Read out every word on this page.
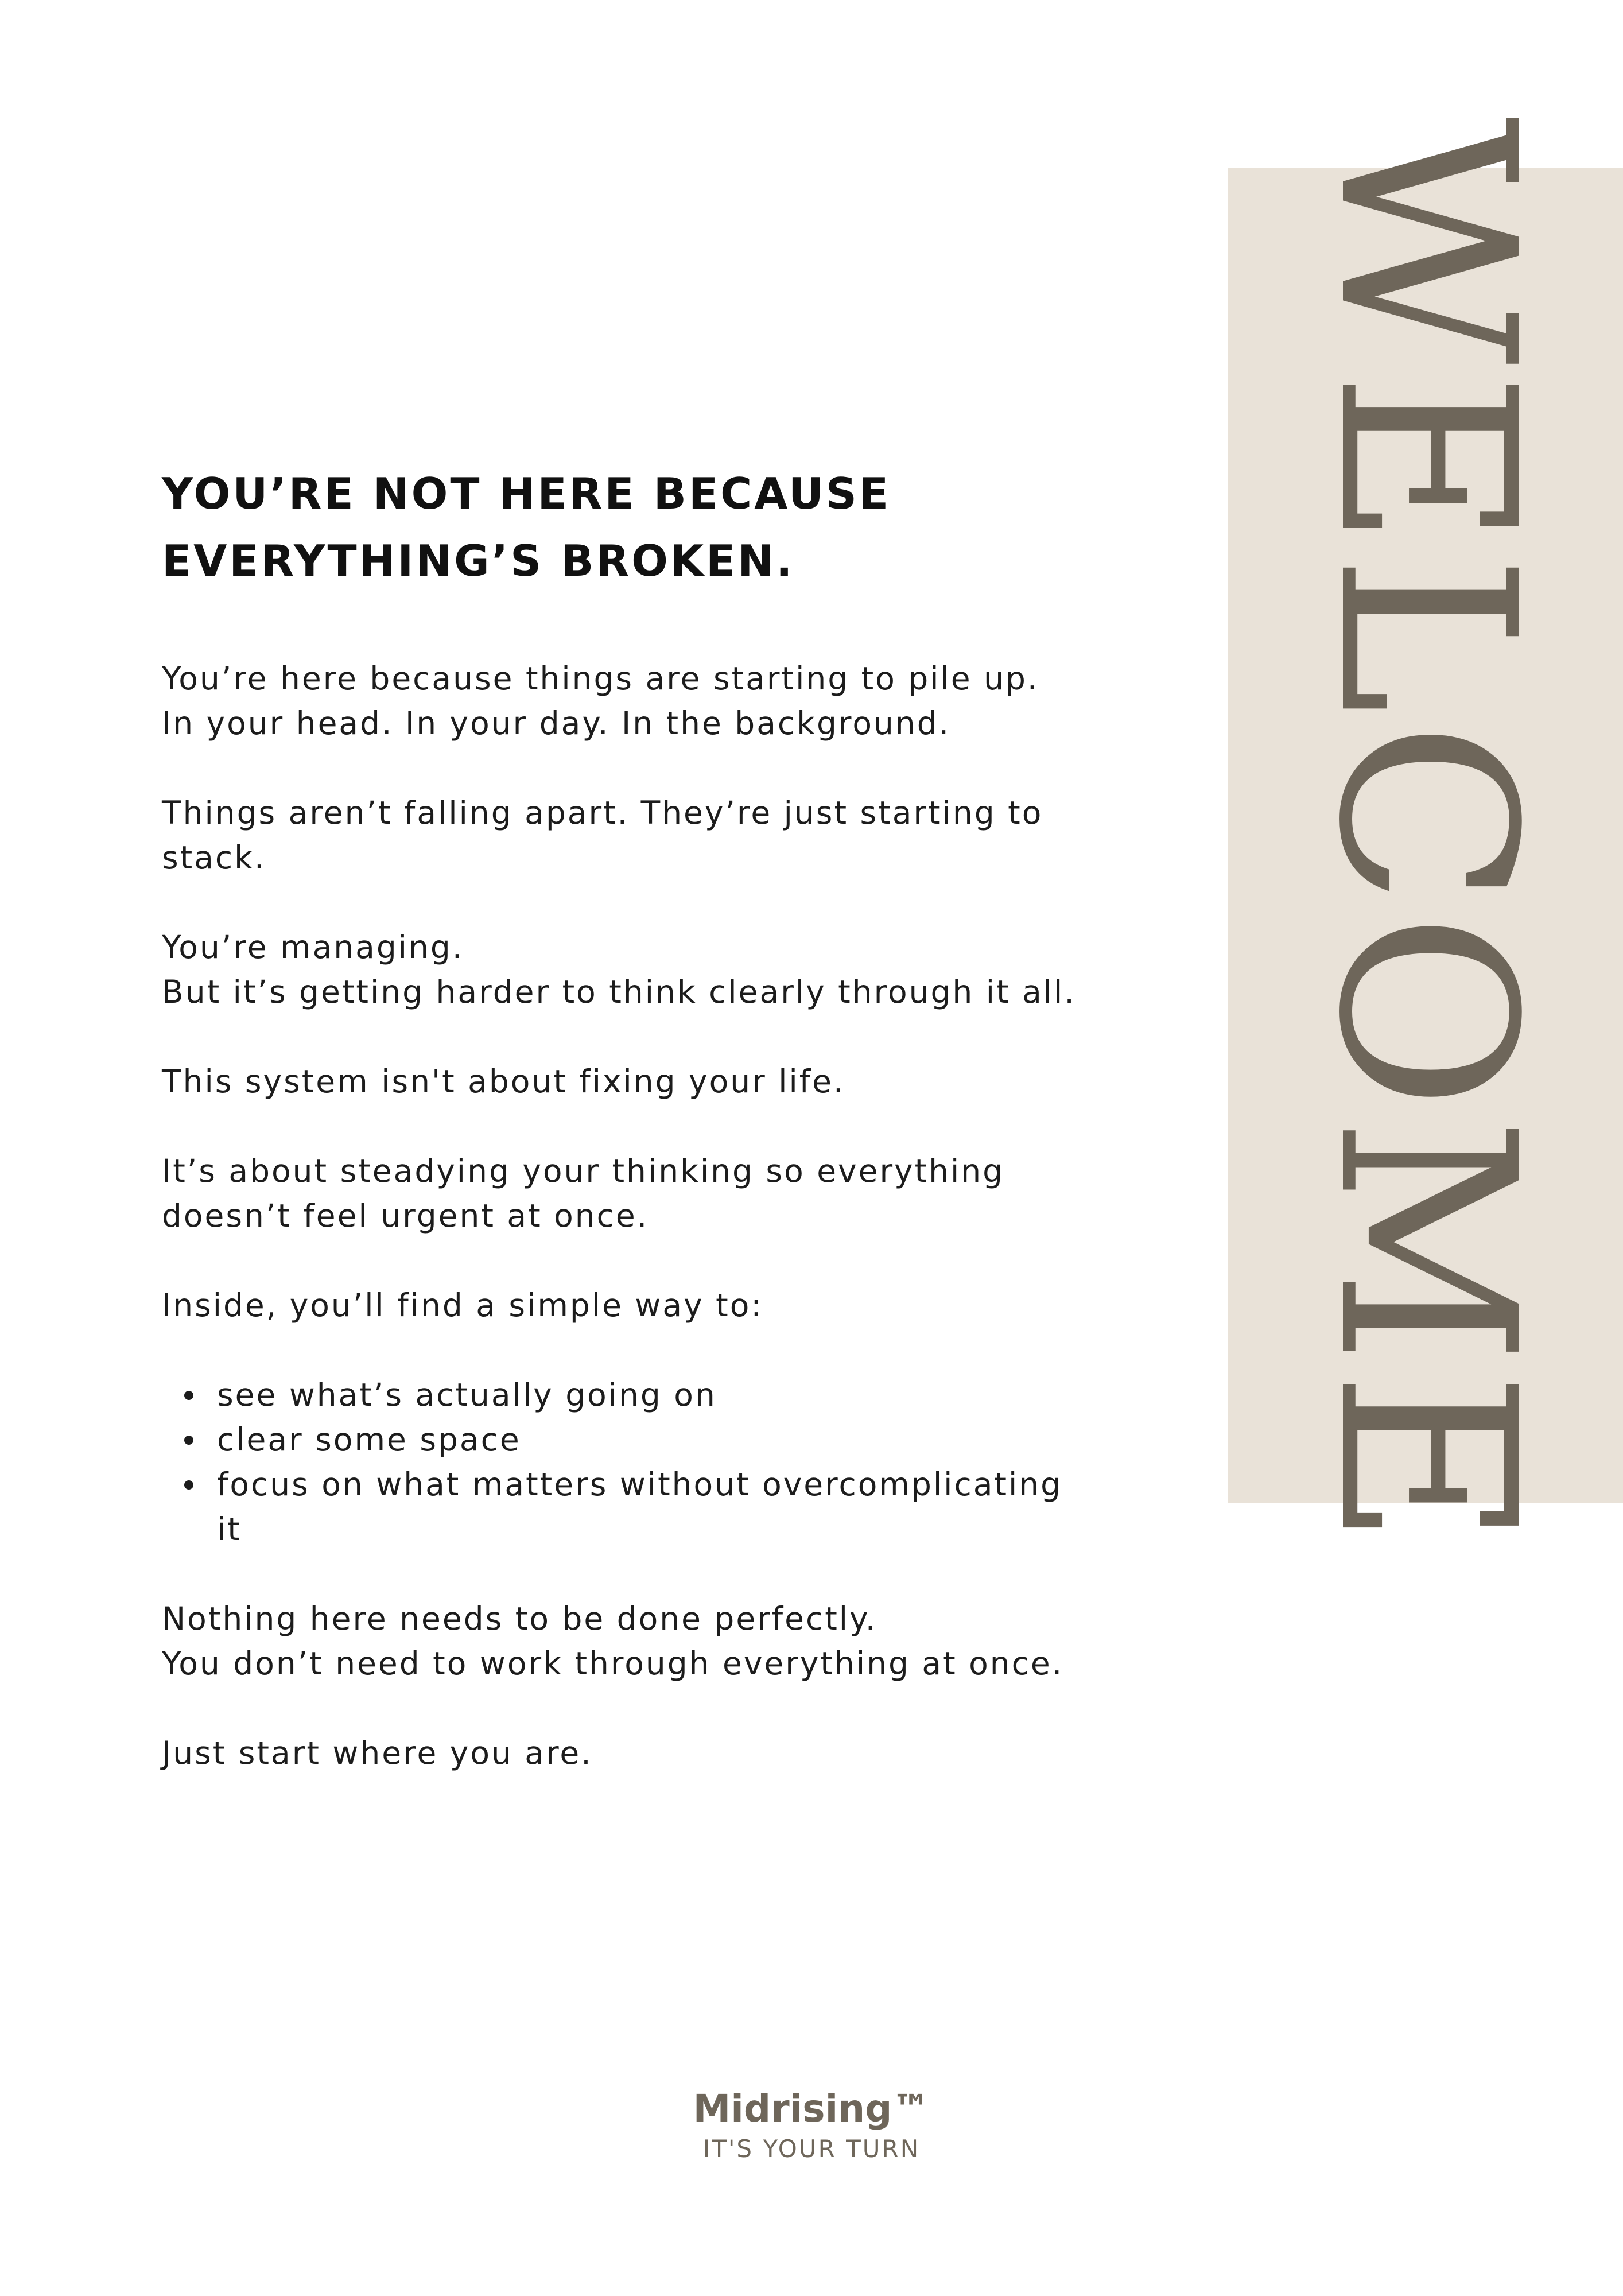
WELCOME
YOU’RE NOT HERE BECAUSE
EVERYTHING’S BROKEN.

You’re here because things are starting to pile up.
In your head. In your day. In the background.

Things aren’t falling apart. They’re just starting to stack.

You’re managing.
But it’s getting harder to think clearly through it all.

This system isn't about fixing your life.

It’s about steadying your thinking so everything doesn’t feel urgent at once.

Inside, you’ll find a simple way to:

see what’s actually going on
clear some space
focus on what matters without overcomplicating it

Nothing here needs to be done perfectly.
You don’t need to work through everything at once.

Just start where you are.

Midrising™
IT'S YOUR TURN
